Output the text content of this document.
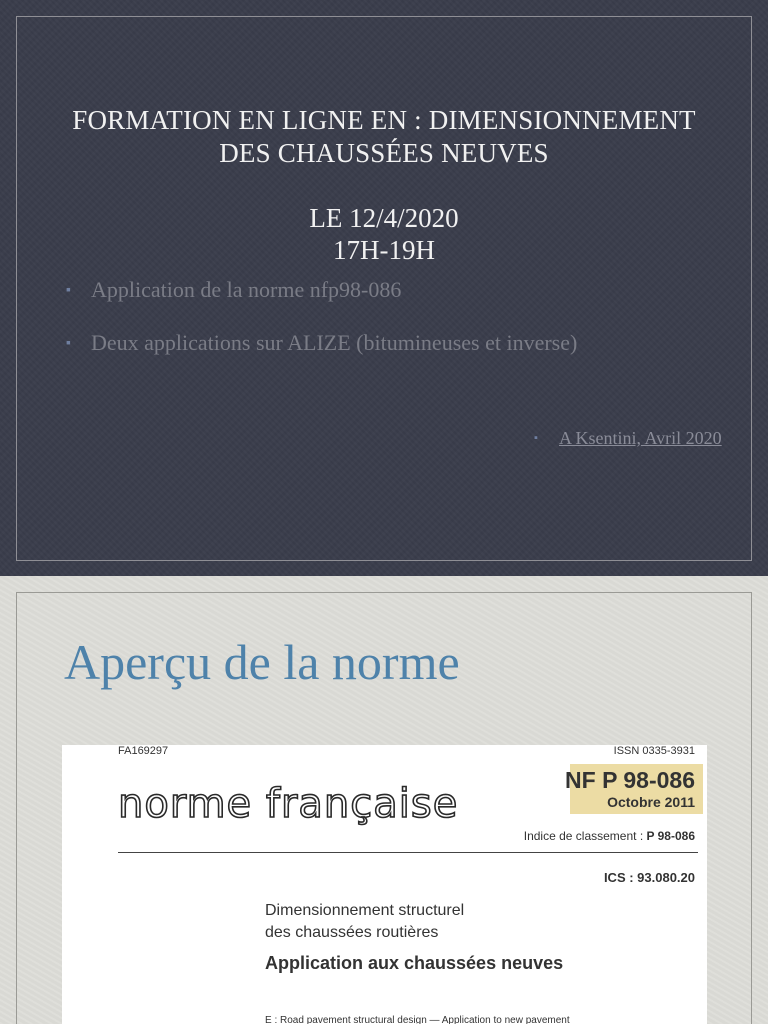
FORMATION EN LIGNE EN : DIMENSIONNEMENT
DES CHAUSSÉES NEUVES
LE 12/4/2020
17H-19H
▪ Application de la norme nfp98-086
▪ Deux applications sur ALIZE (bitumineuses et inverse)
▪ A Ksentini, Avril 2020
Aperçu de la norme
FA169297	ISSN 0335-3931
NF P 98-086
Octobre 2011
norme française
Indice de classement : P 98-086
ICS : 93.080.20
Dimensionnement structurel
des chaussées routières
Application aux chaussées neuves
E : Road pavement structural design — Application to new pavement
